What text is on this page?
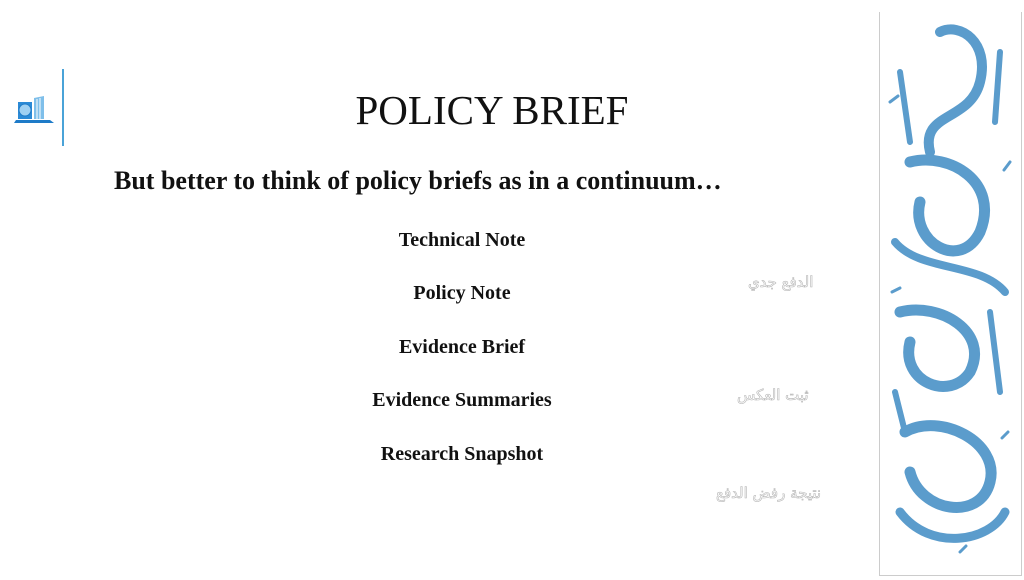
POLICY BRIEF
But better to think of policy briefs as in a continuum…
Technical Note
Policy Note
Evidence Brief
Evidence Summaries
Research Snapshot
الدفع جدي
ثبت العكس
نتيجة رفض الدفع
